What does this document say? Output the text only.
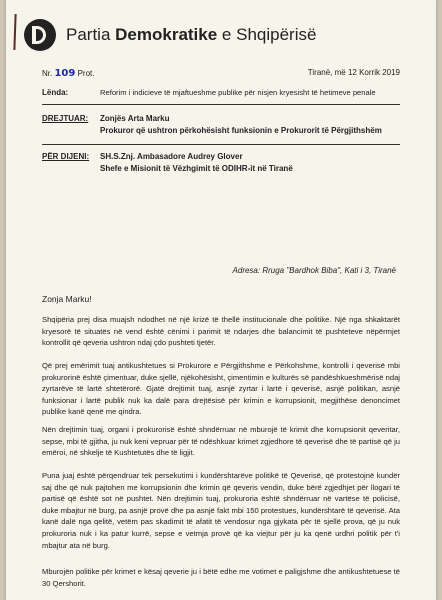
Partia Demokratike e Shqipërisë
Nr. 109 Prot.	Tiranë, më 12 Korrik 2019
Lënda:	Reforim i indicieve të mjaftueshme publike për nisjen kryesisht të hetimeve penale
DREJTUAR: Zonjës Arta Marku
Prokuror që ushtron përkohësisht funksionin e Prokurorit të Përgjithshëm
PËR DIJENI: SH.S.Znj. Ambasadore Audrey Glover
Shefe e Misionit të Vëzhgimit të ODIHR-it në Tiranë
Adresa: Rruga "Bardhok Biba", Kati i 3, Tiranë
Zonja Marku!
Shqipëria prej disa muajsh ndodhet në një krizë të thellë institucionale dhe politike. Një nga shkaktarët kryesorë të situatës në vend është cënimi i parimit të ndarjes dhe balancimit të pushteteve nëpërmjet kontrollit që qeveria ushtron ndaj çdo pushteti tjetër.
Që prej emërimit tuaj antikushtetues si Prokurore e Përgjithshme e Përkohshme, kontrolli i qeverisë mbi prokurorinë është çimentuar, duke sjellë, njëkohësisht, çimentimin e kulturës së pandëshkueshmërisë ndaj zyrtarëve të lartë shtetërorë. Gjatë drejtimit tuaj, asnjë zyrtar i lartë i qeverisë, asnjë politikan, asnjë funksionar i lartë publik nuk ka dalë para drejtësisë për krimin e korrupsionit, megjithëse denoncimet publike kanë qenë me qindra.
Nën drejtimin tuaj, organi i prokurorisë është shndërruar në mburojë të krimit dhe korrupsionit qeveritar, sepse, mbi të gjitha, ju nuk keni vepruar për të ndëshkuar krimet zgjedhore të qeverisë dhe të partisë që ju emëroi, në shkelje të Kushtetutës dhe të ligjit.
Puna juaj është përqendruar tek persekutimi i kundërshtarëve politikë të Qeverisë, që protestojnë kundër saj dhe që nuk pajtohen me korrupsionin dhe krimin që qeveris vendin, duke bërë zgjedhjet për llogari të partisë që është sot në pushtet. Nën drejtimin tuaj, prokuroria është shndërruar në vartëse të policisë, duke mbajtur në burg, pa asnjë provë dhe pa asnjë fakt mbi 150 protestues, kundërshtarë të qeverisë. Ata kanë dalë nga qelitë, vetëm pas skadimit të afatit të vendosur nga gjykata për të sjellë prova, që ju nuk prokuroria nuk i ka patur kurrë, sepse e vetmja provë që ka viejtur për ju ka qenë urdhri politik për t'i mbajtur ata në burg.
Mburojën politike për krimet e kësaj qeverie ju i bëtë edhe me votimet e paligjshme dhe antikushtetuese të 30 Qershorit.
